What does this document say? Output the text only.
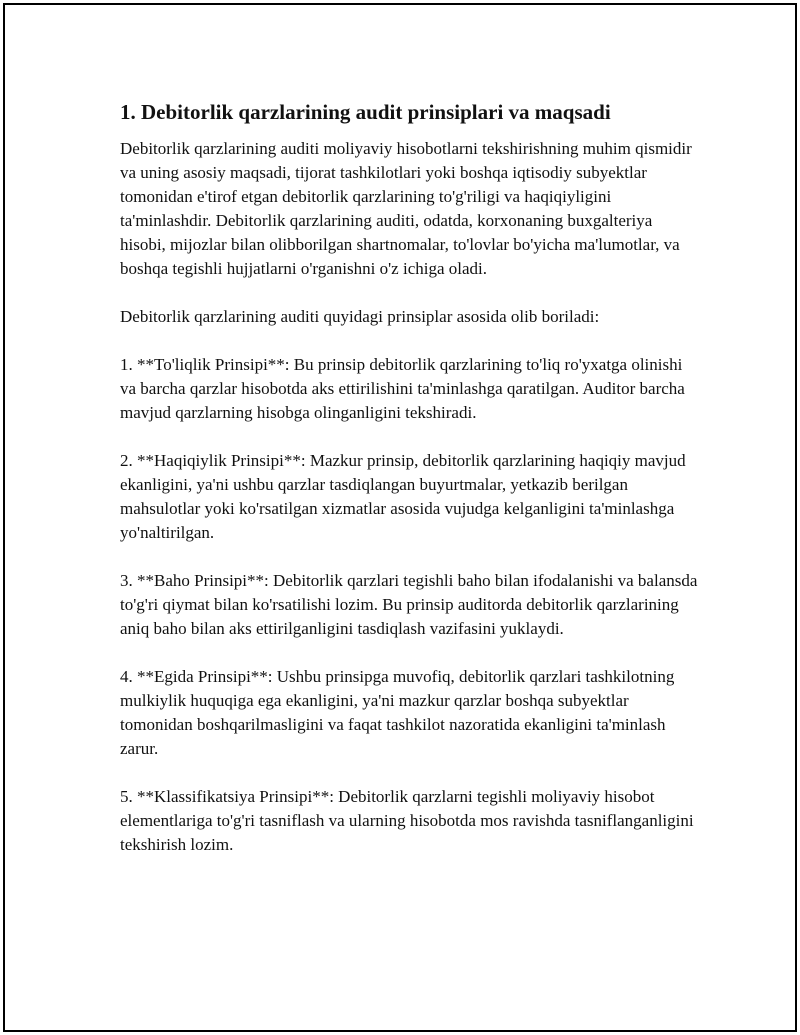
1. Debitorlik qarzlarining audit prinsiplari va maqsadi

Debitorlik qarzlarining auditi moliyaviy hisobotlarni tekshirishning muhim qismidir va uning asosiy maqsadi, tijorat tashkilotlari yoki boshqa iqtisodiy subyektlar tomonidan e'tirof etgan debitorlik qarzlarining to'g'riligi va haqiqiyligini ta'minlashdir. Debitorlik qarzlarining auditi, odatda, korxonaning buxgalteriya hisobi, mijozlar bilan olibborilgan shartnomalar, to'lovlar bo'yicha ma'lumotlar, va boshqa tegishli hujjatlarni o'rganishni o'z ichiga oladi.

Debitorlik qarzlarining auditi quyidagi prinsiplar asosida olib boriladi:

1. **To'liqlik Prinsipi**: Bu prinsip debitorlik qarzlarining to'liq ro'yxatga olinishi va barcha qarzlar hisobotda aks ettirilishini ta'minlashga qaratilgan. Auditor barcha mavjud qarzlarning hisobga olinganligini tekshiradi.

2. **Haqiqiylik Prinsipi**: Mazkur prinsip, debitorlik qarzlarining haqiqiy mavjud ekanligini, ya'ni ushbu qarzlar tasdiqlangan buyurtmalar, yetkazib berilgan mahsulotlar yoki ko'rsatilgan xizmatlar asosida vujudga kelganligini ta'minlashga yo'naltirilgan.

3. **Baho Prinsipi**: Debitorlik qarzlari tegishli baho bilan ifodalanishi va balansda to'g'ri qiymat bilan ko'rsatilishi lozim. Bu prinsip auditorda debitorlik qarzlarining aniq baho bilan aks ettirilganligini tasdiqlash vazifasini yuklaydi.

4. **Egida Prinsipi**: Ushbu prinsipga muvofiq, debitorlik qarzlari tashkilotning mulkiylik huquqiga ega ekanligini, ya'ni mazkur qarzlar boshqa subyektlar tomonidan boshqarilmasligini va faqat tashkilot nazoratida ekanligini ta'minlash zarur.

5. **Klassifikatsiya Prinsipi**: Debitorlik qarzlarni tegishli moliyaviy hisobot elementlariga to'g'ri tasniflash va ularning hisobotda mos ravishda tasniflanganligini tekshirish lozim.
